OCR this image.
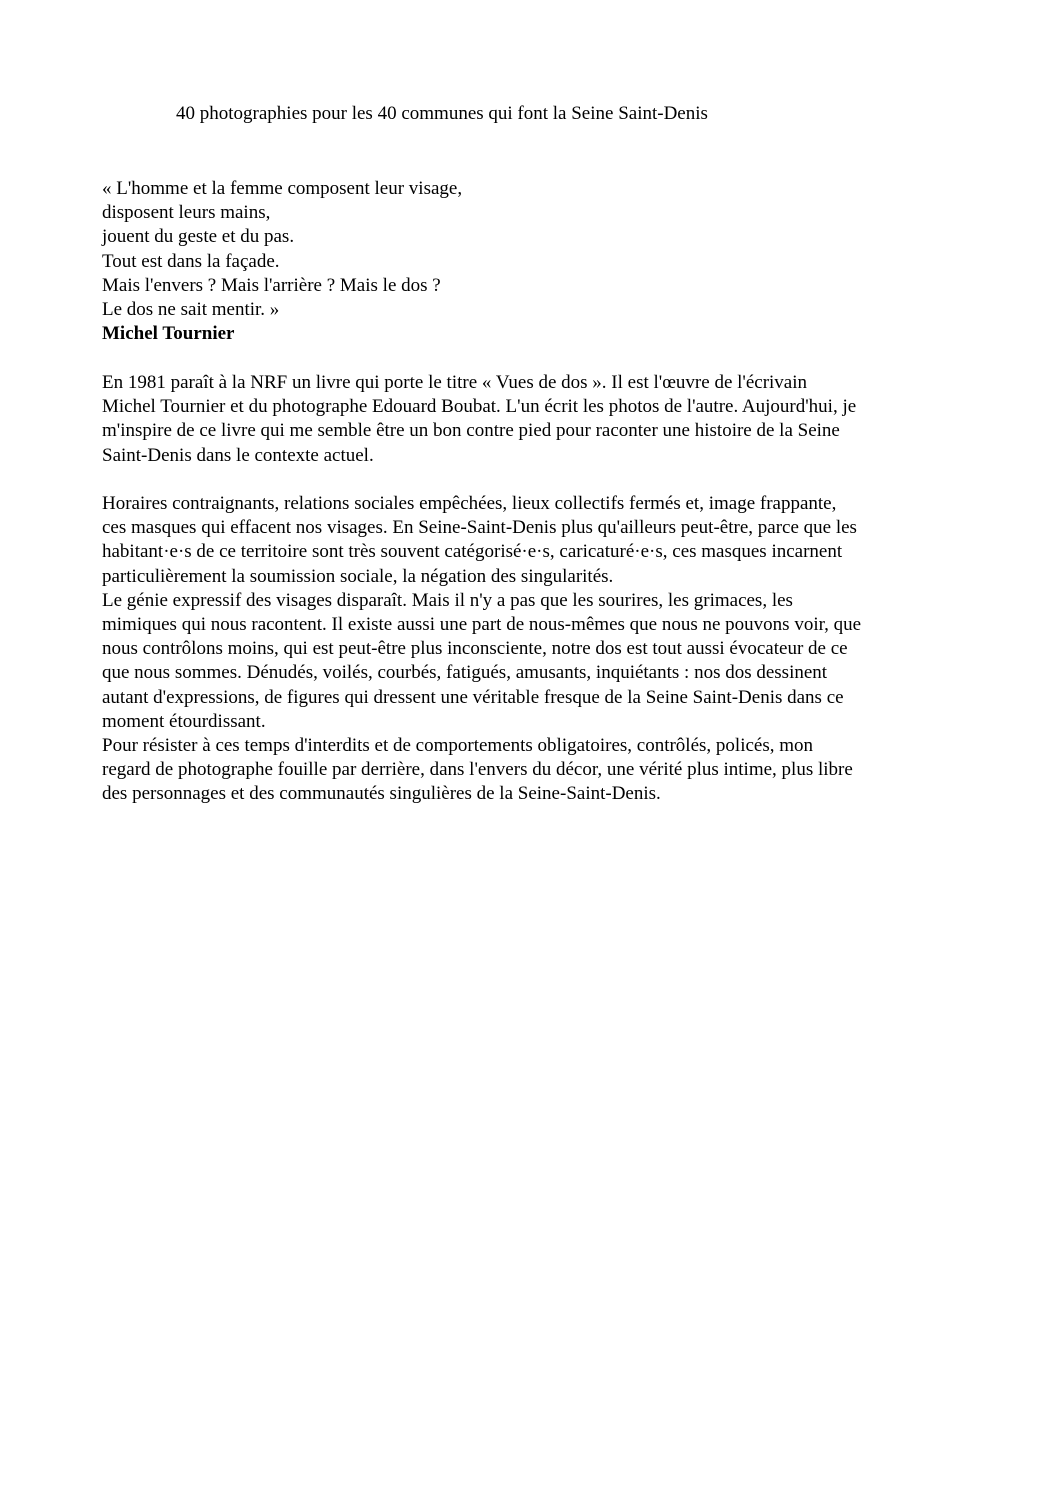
40 photographies pour les 40 communes qui font la Seine Saint-Denis

« L'homme et la femme composent leur visage,
disposent leurs mains,
jouent du geste et du pas.
Tout est dans la façade.
Mais l'envers ? Mais l'arrière ? Mais le dos ?
Le dos ne sait mentir. »
Michel Tournier
En 1981 paraît à la NRF un livre qui porte le titre « Vues de dos ». Il est l'œuvre de l'écrivain
Michel Tournier et du photographe Edouard Boubat. L'un écrit les photos de l'autre. Aujourd'hui, je
m'inspire de ce livre qui me semble être un bon contre pied pour raconter une histoire de la Seine
Saint-Denis dans le contexte actuel.
Horaires contraignants, relations sociales empêchées, lieux collectifs fermés et, image frappante,
ces masques qui effacent nos visages. En Seine-Saint-Denis plus qu'ailleurs peut-être, parce que les
habitant·e·s de ce territoire sont très souvent catégorisé·e·s, caricaturé·e·s, ces masques incarnent
particulièrement la soumission sociale, la négation des singularités.
Le génie expressif des visages disparaît. Mais il n'y a pas que les sourires, les grimaces, les
mimiques qui nous racontent. Il existe aussi une part de nous-mêmes que nous ne pouvons voir, que
nous contrôlons moins, qui est peut-être plus inconsciente, notre dos est tout aussi évocateur de ce
que nous sommes. Dénudés, voilés, courbés, fatigués, amusants, inquiétants : nos dos dessinent
autant d'expressions, de figures qui dressent une véritable fresque de la Seine Saint-Denis dans ce
moment étourdissant.
Pour résister à ces temps d'interdits et de comportements obligatoires, contrôlés, policés, mon
regard de photographe fouille par derrière, dans l'envers du décor, une vérité plus intime, plus libre
des personnages et des communautés singulières de la Seine-Saint-Denis.
